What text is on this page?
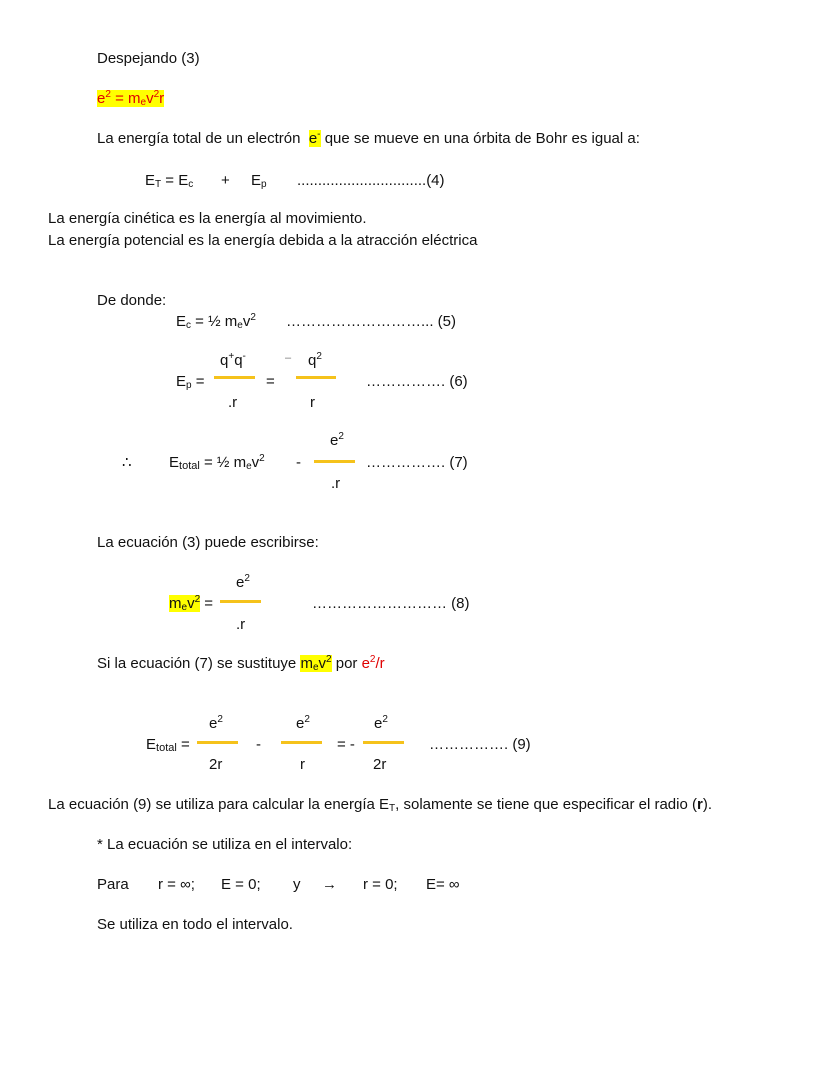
Despejando (3)
$e^2 = m_ev^2r$
La energía total de un electrón e- que se mueve en una órbita de Bohr es igual a:
$E_T = E_c + E_p$ ...............................(4)
La energía cinética es la energía al movimiento.
La energía potencial es la energía debida a la atracción eléctrica
De donde:
$E_c$ = ½ $m_ev^2$ ………………………... (5)
$E_p$ =
q+q-
.r
=
– $q^2$
r
……………. (6)
∴ $E_{total}$ = ½ $m_ev^2$ -
$e^2$
.r
……………. (7)
La ecuación (3) puede escribirse:
$m_ev^2$ =
$e^2$
.r
……………………… (8)
Si la ecuación (7) se sustituye $m_ev^2$ por $e^2/r$
$E_{total}$ =
$e^2$
2r
-
$e^2$
r
= -
$e^2$
2r
……………. (9)
La ecuación (9) se utiliza para calcular la energía $E_T$, solamente se tiene que especificar el radio (r).
* La ecuación se utiliza en el intervalo:
Para r = ∞; E = 0; y → r = 0; E= ∞
Se utiliza en todo el intervalo.
